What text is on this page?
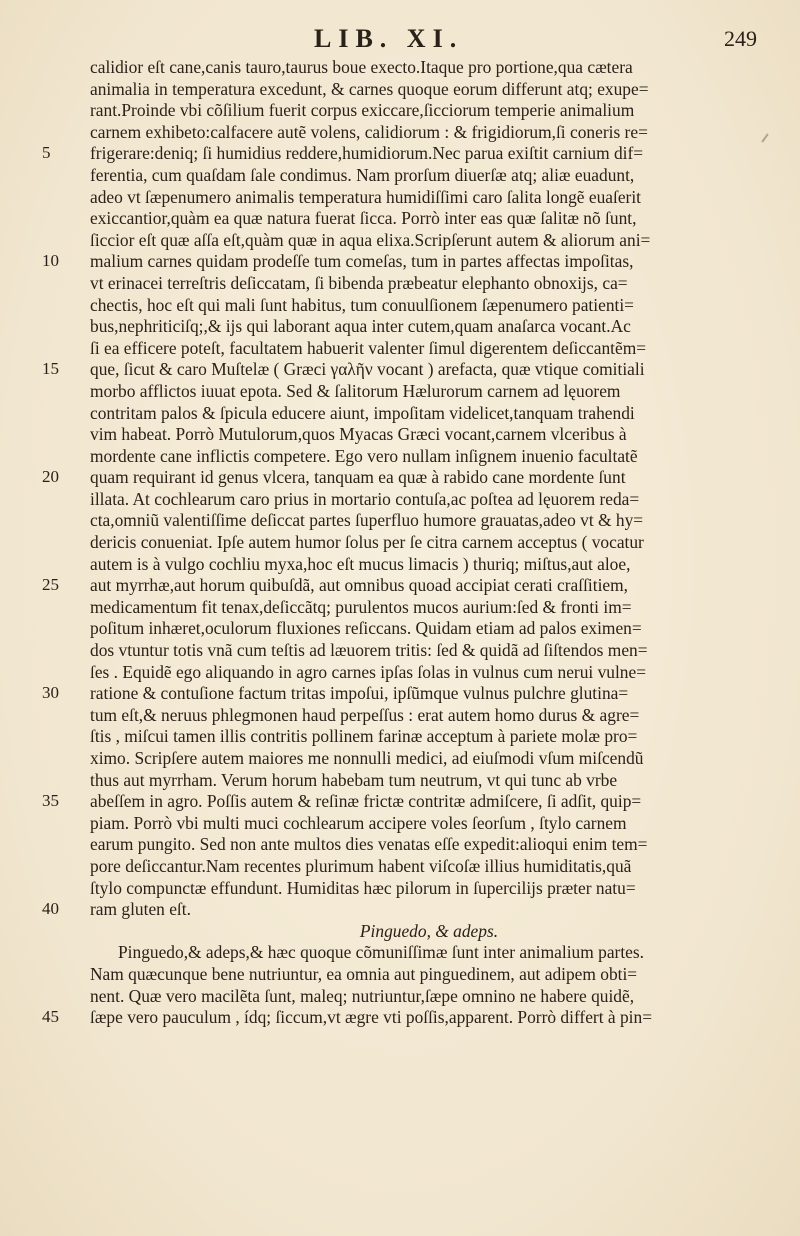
LIB. XI.	249
calidior eſt cane,canis tauro,taurus boue execto.Itaque pro portione,qua cætera
animalia in temperatura excedunt, & carnes quoque eorum differunt atq; exupe=
rant.Proinde vbi cõſilium fuerit corpus exiccare,ſicciorum temperie animalium
carnem exhibeto:calfacere autẽ volens, calidiorum : & frigidiorum,ſi coneris re=
frigerare:deniq; ſi humidius reddere,humidiorum.Nec parua exiſtit carnium dif=
ferentia, cum quaſdam ſale condimus. Nam prorſum diuerſæ atq; aliæ euadunt,
adeo vt ſæpenumero animalis temperatura humidiſſimi caro ſalita longẽ euaſerit
exiccantior,quàm ea quæ natura fuerat ſicca. Porrò inter eas quæ ſalitæ nõ ſunt,
ſiccior eſt quæ aſſa eſt,quàm quæ in aqua elixa.Scripſerunt autem & aliorum ani=
malium carnes quidam prodeſſe tum comeſas, tum in partes affectas impoſitas,
vt erinacei terreſtris deſiccatam, ſi bibenda præbeatur elephanto obnoxijs, ca=
chectis, hoc eſt qui mali ſunt habitus, tum conuulſionem ſæpenumero patienti=
bus,nephriticiſq;,& ijs qui laborant aqua inter cutem,quam anaſarca vocant.Ac
ſi ea efficere poteſt, facultatem habuerit valenter ſimul digerentem deſiccantẽm=
que, ſicut & caro Muſtelæ ( Græci γαλῆν vocant ) arefacta, quæ vtique comitiali
morbo afflictos iuuat epota. Sed & ſalitorum Hælurorum carnem ad lęuorem
contritam palos & ſpicula educere aiunt, impoſitam videlicet,tanquam trahendi
vim habeat. Porrò Mutulorum,quos Myacas Græci vocant,carnem vlceribus à
mordente cane inflictis competere. Ego vero nullam inſignem inuenio facultatẽ
quam requirant id genus vlcera, tanquam ea quæ à rabido cane mordente ſunt
illata. At cochlearum caro prius in mortario contuſa,ac poſtea ad lęuorem reda=
cta,omniũ valentiſſime deſiccat partes ſuperfluo humore grauatas,adeo vt & hy=
dericis conueniat. Ipſe autem humor ſolus per ſe citra carnem acceptus ( vocatur
autem is à vulgo cochliu myxa,hoc eſt mucus limacis ) thuriq; miſtus,aut aloe,
aut myrrhæ,aut horum quibuſdã, aut omnibus quoad accipiat cerati craſſitiem,
medicamentum fit tenax,deſiccãtq; purulentos mucos aurium:ſed & fronti im=
poſitum inhæret,oculorum fluxiones reſiccans. Quidam etiam ad palos eximen=
dos vtuntur totis vnã cum teſtis ad læuorem tritis: ſed & quidã ad ſiſtendos men=
ſes . Equidẽ ego aliquando in agro carnes ipſas ſolas in vulnus cum nerui vulne=
ratione & contuſione factum tritas impoſui, ipſũmque vulnus pulchre glutina=
tum eſt,& neruus phlegmonen haud perpeſſus : erat autem homo durus & agre=
ſtis , miſcui tamen illis contritis pollinem farinæ acceptum à pariete molæ pro=
ximo. Scripſere autem maiores me nonnulli medici, ad eiuſmodi vſum miſcendũ
thus aut myrrham. Verum horum habebam tum neutrum, vt qui tunc ab vrbe
abeſſem in agro. Poſſis autem & reſinæ frictæ contritæ admiſcere, ſi adſit, quip=
piam. Porrò vbi multi muci cochlearum accipere voles ſeorſum , ſtylo carnem
earum pungito. Sed non ante multos dies venatas eſſe expedit:alioqui enim tem=
pore deſiccantur.Nam recentes plurimum habent viſcoſæ illius humiditatis,quã
ſtylo compunctæ effundunt. Humiditas hæc pilorum in ſupercilijs præter natu=
ram gluten eſt.
Pinguedo, & adeps.
Pinguedo,& adeps,& hæc quoque cõmuniſſimæ ſunt inter animalium partes.
Nam quæcunque bene nutriuntur, ea omnia aut pinguedinem, aut adipem obti=
nent. Quæ vero macilẽta ſunt, maleq; nutriuntur,ſæpe omnino ne habere quidẽ,
ſæpe vero pauculum , ídq; ſiccum,vt ægre vti poſſis,apparent. Porrò differt à pin=
5
10
15
20
25
30
35
40
45
